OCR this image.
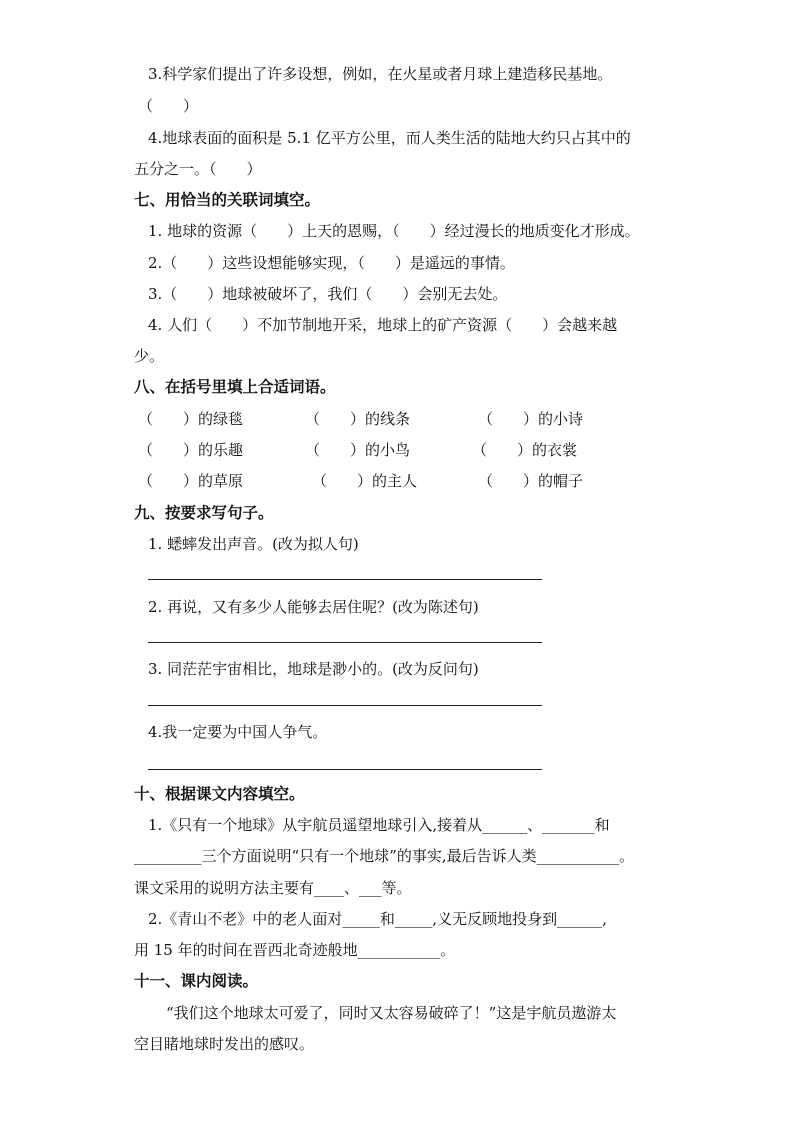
3.科学家们提出了许多设想，例如，在火星或者月球上建造移民基地。
（　　）
4.地球表面的面积是 5.1 亿平方公里，而人类生活的陆地大约只占其中的
五分之一。（　　）
七、用恰当的关联词填空。
1. 地球的资源（　　）上天的恩赐，（　　）经过漫长的地质变化才形成。
2.（　　）这些设想能够实现，（　　）是遥远的事情。
3.（　　）地球被破坏了，我们（　　）会别无去处。
4. 人们（　　）不加节制地开采，地球上的矿产资源（　　）会越来越
少。
八、在括号里填上合适词语。
（　　）的绿毯	（　　）的线条	（　　）的小诗
（　　）的乐趣	（　　）的小鸟	（　　）的衣裳
（　　）的草原	（　　）的主人	（　　）的帽子
九、按要求写句子。
1. 蟋蟀发出声音。(改为拟人句)
2. 再说，又有多少人能够去居住呢？(改为陈述句)
3. 同茫茫宇宙相比，地球是渺小的。(改为反问句)
4.我一定要为中国人争气。
十、根据课文内容填空。
1.《只有一个地球》从宇航员遥望地球引入,接着从______、_______和
_________三个方面说明“只有一个地球”的事实,最后告诉人类___________。
课文采用的说明方法主要有____、___等。
2.《青山不老》中的老人面对_____和_____,义无反顾地投身到______,
用 15 年的时间在晋西北奇迹般地___________。
十一、课内阅读。
“我们这个地球太可爱了，同时又太容易破碎了！”这是宇航员遨游太
空目睹地球时发出的感叹。
